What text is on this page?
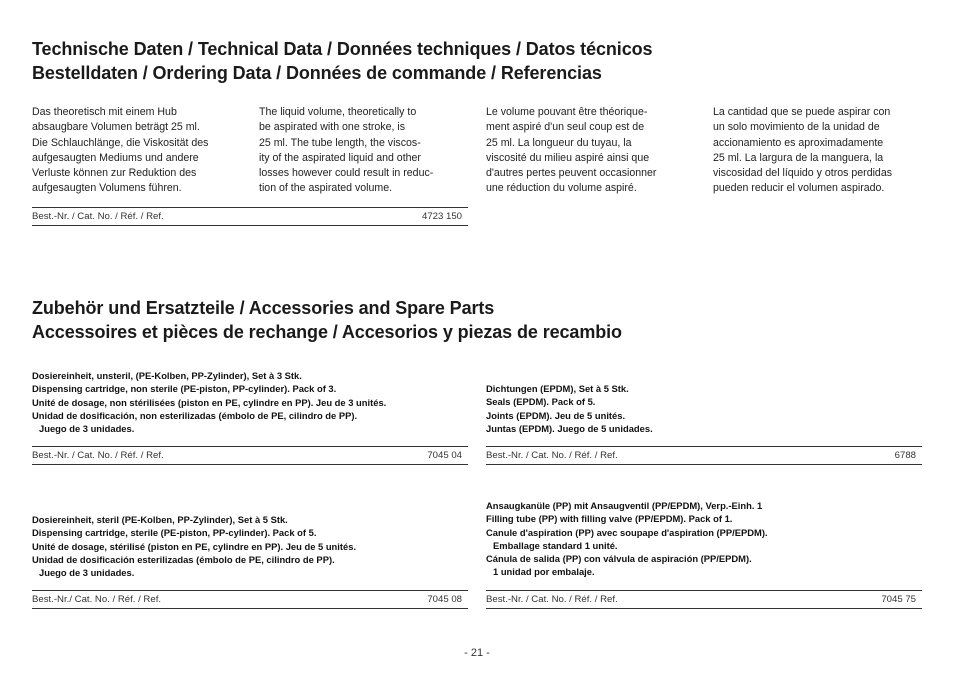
Technische Daten / Technical Data / Données techniques / Datos técnicos
Bestelldaten / Ordering Data / Données de commande / Referencias
Das theoretisch mit einem Hub
absaugbare Volumen beträgt 25 ml.
Die Schlauchlänge, die Viskosität des
aufgesaugten Mediums und andere
Verluste können zur Reduktion des
aufgesaugten Volumens führen.
The liquid volume, theoretically to
be aspirated with one stroke, is
25 ml. The tube length, the viscos-
ity of the aspirated liquid and other
losses however could result in reduc-
tion of the aspirated volume.
Le volume pouvant être théorique-
ment aspiré d'un seul coup est de
25 ml. La longueur du tuyau, la
viscosité du milieu aspiré ainsi que
d'autres pertes peuvent occasionner
une réduction du volume aspiré.
La cantidad que se puede aspirar con
un solo movimiento de la unidad de
accionamiento es aproximadamente
25 ml. La largura de la manguera, la
viscosidad del líquido y otros perdidas
pueden reducir el volumen aspirado.
Best.-Nr. / Cat. No. / Réf. / Ref.	4723 150
Zubehör und Ersatzteile / Accessories and Spare Parts
Accessoires et pièces de rechange / Accesorios y piezas de recambio
Dosiereinheit, unsteril, (PE-Kolben, PP-Zylinder), Set à 3 Stk.
Dispensing cartridge, non sterile (PE-piston, PP-cylinder). Pack of 3.
Unité de dosage, non stérilisées (piston en PE, cylindre en PP). Jeu de 3 unités.
Unidad de dosificación, non esterilizadas (émbolo de PE, cilindro de PP).
Juego de 3 unidades.
Best.-Nr. / Cat. No. / Réf. / Ref.	7045 04
Dichtungen (EPDM), Set à 5 Stk.
Seals (EPDM). Pack of 5.
Joints (EPDM). Jeu de 5 unités.
Juntas (EPDM). Juego de 5 unidades.
Best.-Nr. / Cat. No. / Réf. / Ref.	6788
Dosiereinheit, steril (PE-Kolben, PP-Zylinder), Set à 5 Stk.
Dispensing cartridge, sterile (PE-piston, PP-cylinder). Pack of 5.
Unité de dosage, stérilisé (piston en PE, cylindre en PP). Jeu de 5 unités.
Unidad de dosificación esterilizadas (émbolo de PE, cilindro de PP).
Juego de 3 unidades.
Best.-Nr./ Cat. No. / Réf. / Ref.	7045 08
Ansaugkanüle (PP) mit Ansaugventil (PP/EPDM), Verp.-Einh. 1
Filling tube (PP) with filling valve (PP/EPDM). Pack of 1.
Canule d'aspiration (PP) avec soupape d'aspiration (PP/EPDM).
Emballage standard 1 unité.
Cánula de salida (PP) con válvula de aspiración (PP/EPDM).
1 unidad por embalaje.
Best.-Nr. / Cat. No. / Réf. / Ref.	7045 75
- 21 -
